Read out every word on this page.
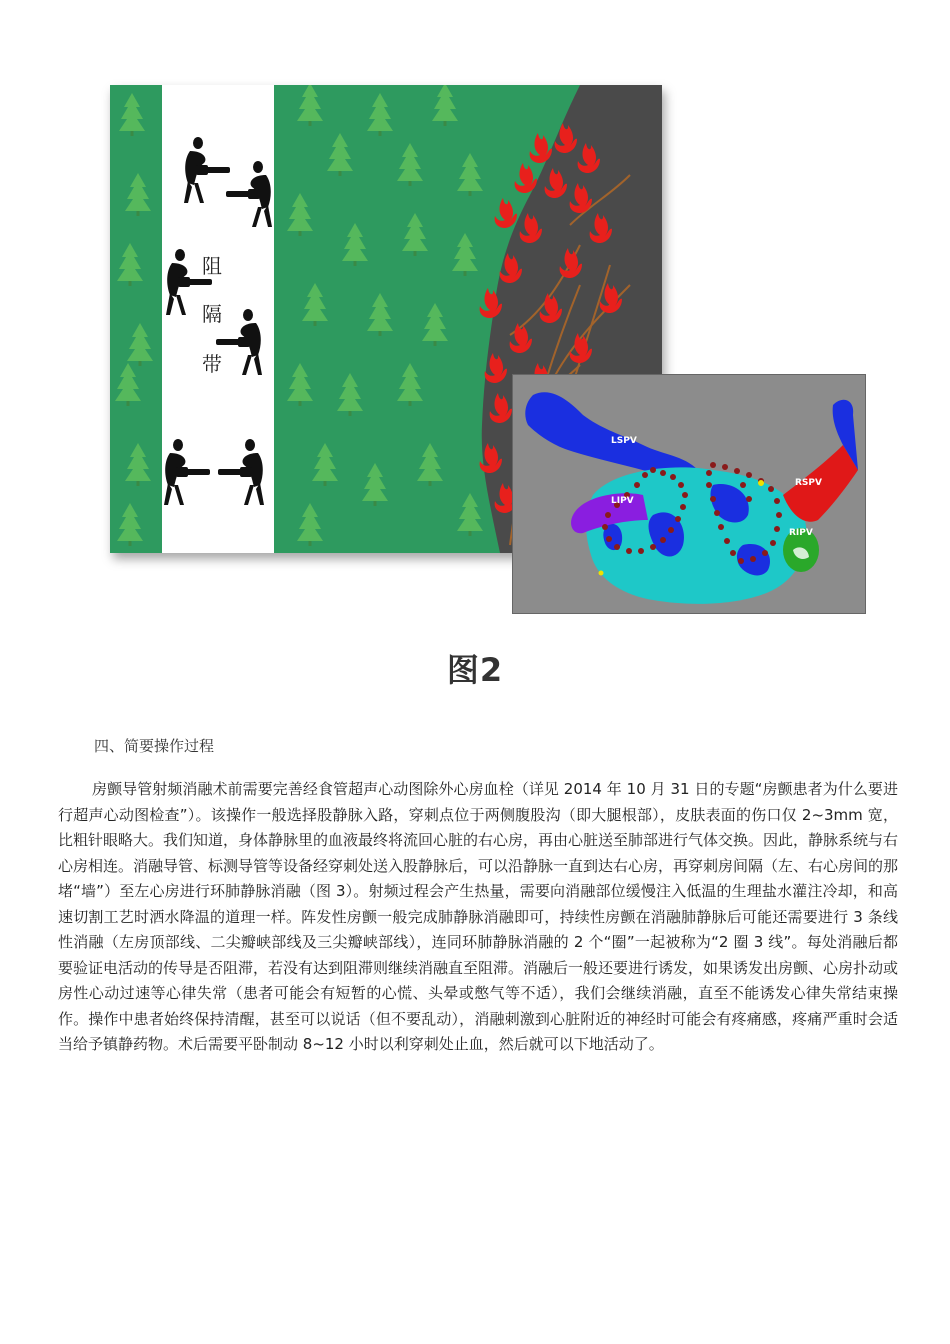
阻
隔
带
LSPV
LIPV
RSPV
RIPV
图2
四、简要操作过程
房颤导管射频消融术前需要完善经食管超声心动图除外心房血栓（详见 2014 年 10 月 31 日的专题“房颤患者为什么要进行超声心动图检查”）。该操作一般选择股静脉入路，穿刺点位于两侧腹股沟（即大腿根部），皮肤表面的伤口仅 2~3mm 宽，比粗针眼略大。我们知道，身体静脉里的血液最终将流回心脏的右心房，再由心脏送至肺部进行气体交换。因此，静脉系统与右心房相连。消融导管、标测导管等设备经穿刺处送入股静脉后，可以沿静脉一直到达右心房，再穿刺房间隔（左、右心房间的那堵“墙”）至左心房进行环肺静脉消融（图 3）。射频过程会产生热量，需要向消融部位缓慢注入低温的生理盐水灌注冷却，和高速切割工艺时洒水降温的道理一样。阵发性房颤一般完成肺静脉消融即可，持续性房颤在消融肺静脉后可能还需要进行 3 条线性消融（左房顶部线、二尖瓣峡部线及三尖瓣峡部线），连同环肺静脉消融的 2 个“圈”一起被称为“2 圈 3 线”。每处消融后都要验证电活动的传导是否阻滞，若没有达到阻滞则继续消融直至阻滞。消融后一般还要进行诱发，如果诱发出房颤、心房扑动或房性心动过速等心律失常（患者可能会有短暂的心慌、头晕或憋气等不适），我们会继续消融，直至不能诱发心律失常结束操作。操作中患者始终保持清醒，甚至可以说话（但不要乱动），消融刺激到心脏附近的神经时可能会有疼痛感，疼痛严重时会适当给予镇静药物。术后需要平卧制动 8~12 小时以利穿刺处止血，然后就可以下地活动了。
